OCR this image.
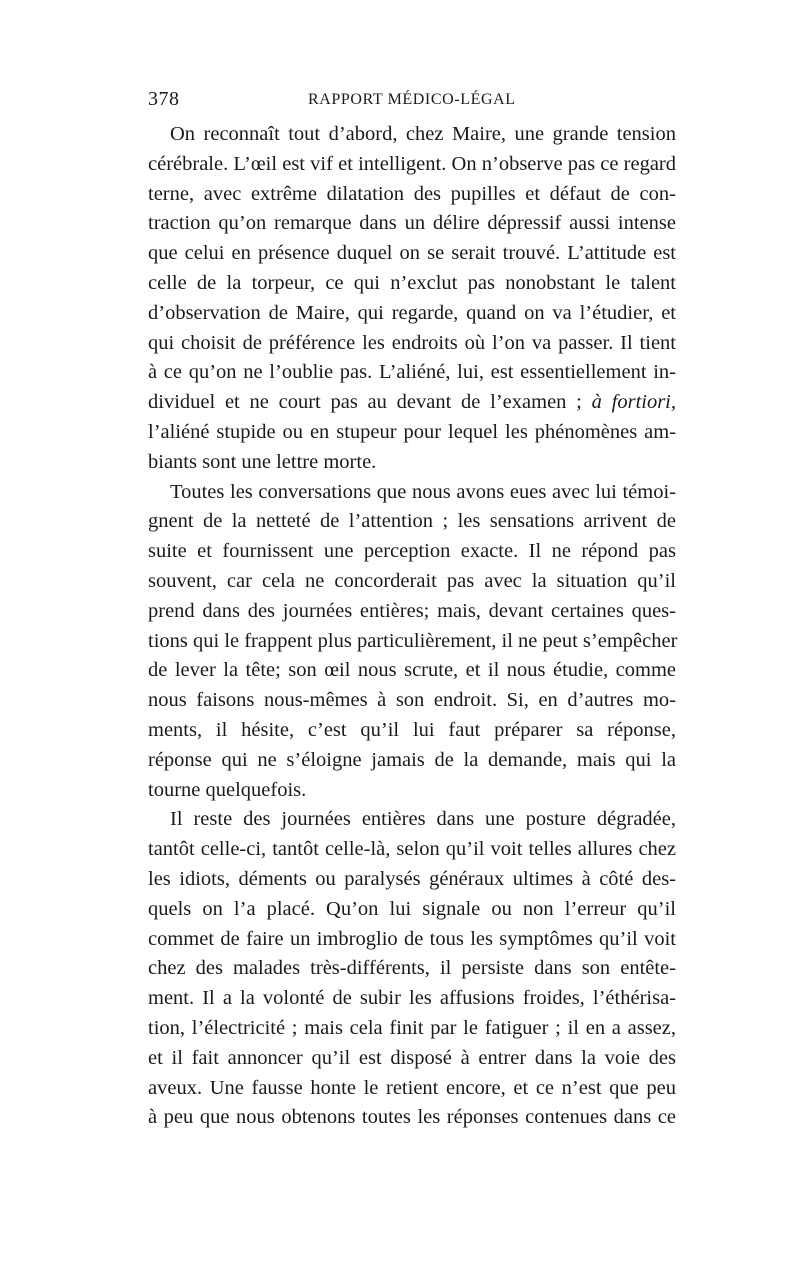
378	RAPPORT MÉDICO-LÉGAL
On reconnaît tout d’abord, chez Maire, une grande tension
cérébrale. L’œil est vif et intelligent. On n’observe pas ce regard
terne, avec extrême dilatation des pupilles et défaut de con-
traction qu’on remarque dans un délire dépressif aussi intense
que celui en présence duquel on se serait trouvé. L’attitude est
celle de la torpeur, ce qui n’exclut pas nonobstant le talent
d’observation de Maire, qui regarde, quand on va l’étudier, et
qui choisit de préférence les endroits où l’on va passer. Il tient
à ce qu’on ne l’oublie pas. L’aliéné, lui, est essentiellement in-
dividuel et ne court pas au devant de l’examen ; à fortiori,
l’aliéné stupide ou en stupeur pour lequel les phénomènes am-
biants sont une lettre morte.
Toutes les conversations que nous avons eues avec lui témoi-
gnent de la netteté de l’attention ; les sensations arrivent de
suite et fournissent une perception exacte. Il ne répond pas
souvent, car cela ne concorderait pas avec la situation qu’il
prend dans des journées entières; mais, devant certaines ques-
tions qui le frappent plus particulièrement, il ne peut s’empêcher
de lever la tête; son œil nous scrute, et il nous étudie, comme
nous faisons nous-mêmes à son endroit. Si, en d’autres mo-
ments, il hésite, c’est qu’il lui faut préparer sa réponse,
réponse qui ne s’éloigne jamais de la demande, mais qui la
tourne quelquefois.
Il reste des journées entières dans une posture dégradée,
tantôt celle-ci, tantôt celle-là, selon qu’il voit telles allures chez
les idiots, déments ou paralysés généraux ultimes à côté des-
quels on l’a placé. Qu’on lui signale ou non l’erreur qu’il
commet de faire un imbroglio de tous les symptômes qu’il voit
chez des malades très-différents, il persiste dans son entête-
ment. Il a la volonté de subir les affusions froides, l’éthérisa-
tion, l’électricité ; mais cela finit par le fatiguer ; il en a assez,
et il fait annoncer qu’il est disposé à entrer dans la voie des
aveux. Une fausse honte le retient encore, et ce n’est que peu
à peu que nous obtenons toutes les réponses contenues dans ce
